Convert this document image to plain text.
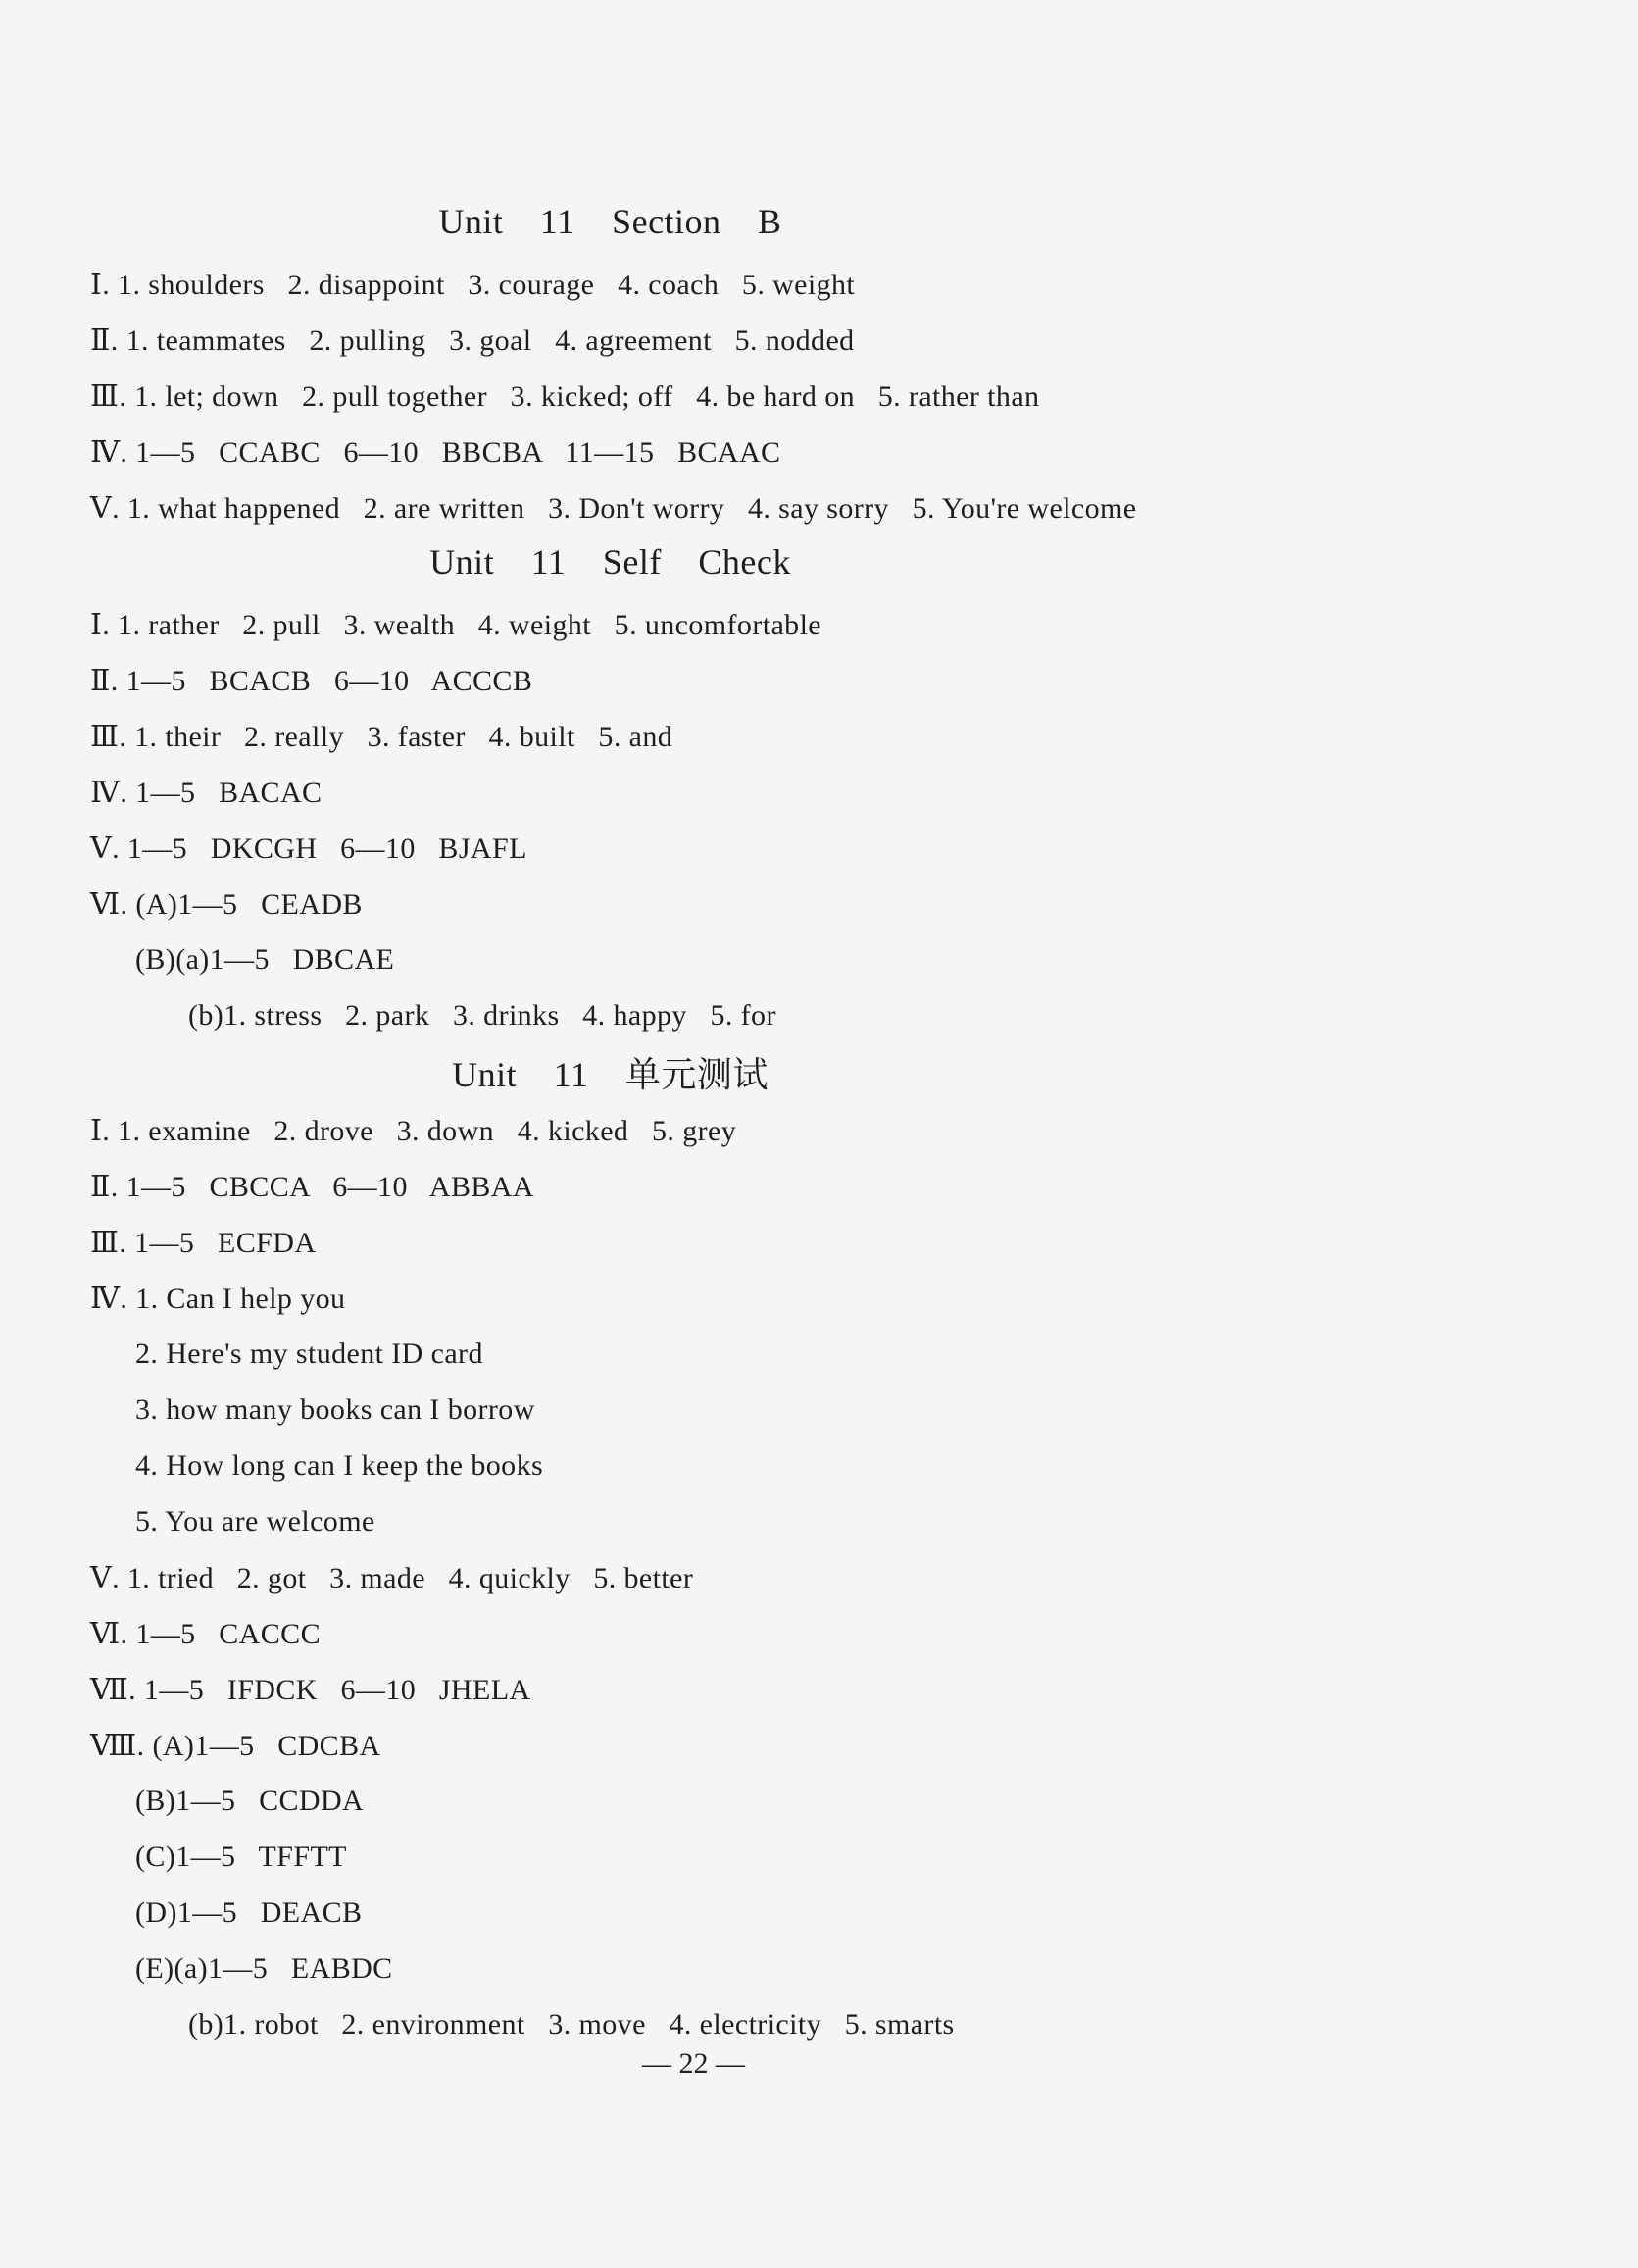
Unit 11 Section B
Ⅰ. 1. shoulders   2. disappoint   3. courage   4. coach   5. weight
Ⅱ. 1. teammates   2. pulling   3. goal   4. agreement   5. nodded
Ⅲ. 1. let; down   2. pull together   3. kicked; off   4. be hard on   5. rather than
Ⅳ. 1—5   CCABC   6—10   BBCBA   11—15   BCAAC
Ⅴ. 1. what happened   2. are written   3. Don't worry   4. say sorry   5. You're welcome
Unit 11 Self Check
Ⅰ. 1. rather   2. pull   3. wealth   4. weight   5. uncomfortable
Ⅱ. 1—5   BCACB   6—10   ACCCB
Ⅲ. 1. their   2. really   3. faster   4. built   5. and
Ⅳ. 1—5   BACAC
Ⅴ. 1—5   DKCGH   6—10   BJAFL
Ⅵ. (A)1—5   CEADB
(B)(a)1—5   DBCAE
(b)1. stress   2. park   3. drinks   4. happy   5. for
Unit 11 单元测试
Ⅰ. 1. examine   2. drove   3. down   4. kicked   5. grey
Ⅱ. 1—5   CBCCA   6—10   ABBAA
Ⅲ. 1—5   ECFDA
Ⅳ. 1. Can I help you
2. Here's my student ID card
3. how many books can I borrow
4. How long can I keep the books
5. You are welcome
Ⅴ. 1. tried   2. got   3. made   4. quickly   5. better
Ⅵ. 1—5   CACCC
Ⅶ. 1—5   IFDCK   6—10   JHELA
Ⅷ. (A)1—5   CDCBA
(B)1—5   CCDDA
(C)1—5   TFFTT
(D)1—5   DEACB
(E)(a)1—5   EABDC
(b)1. robot   2. environment   3. move   4. electricity   5. smarts
— 22 —
